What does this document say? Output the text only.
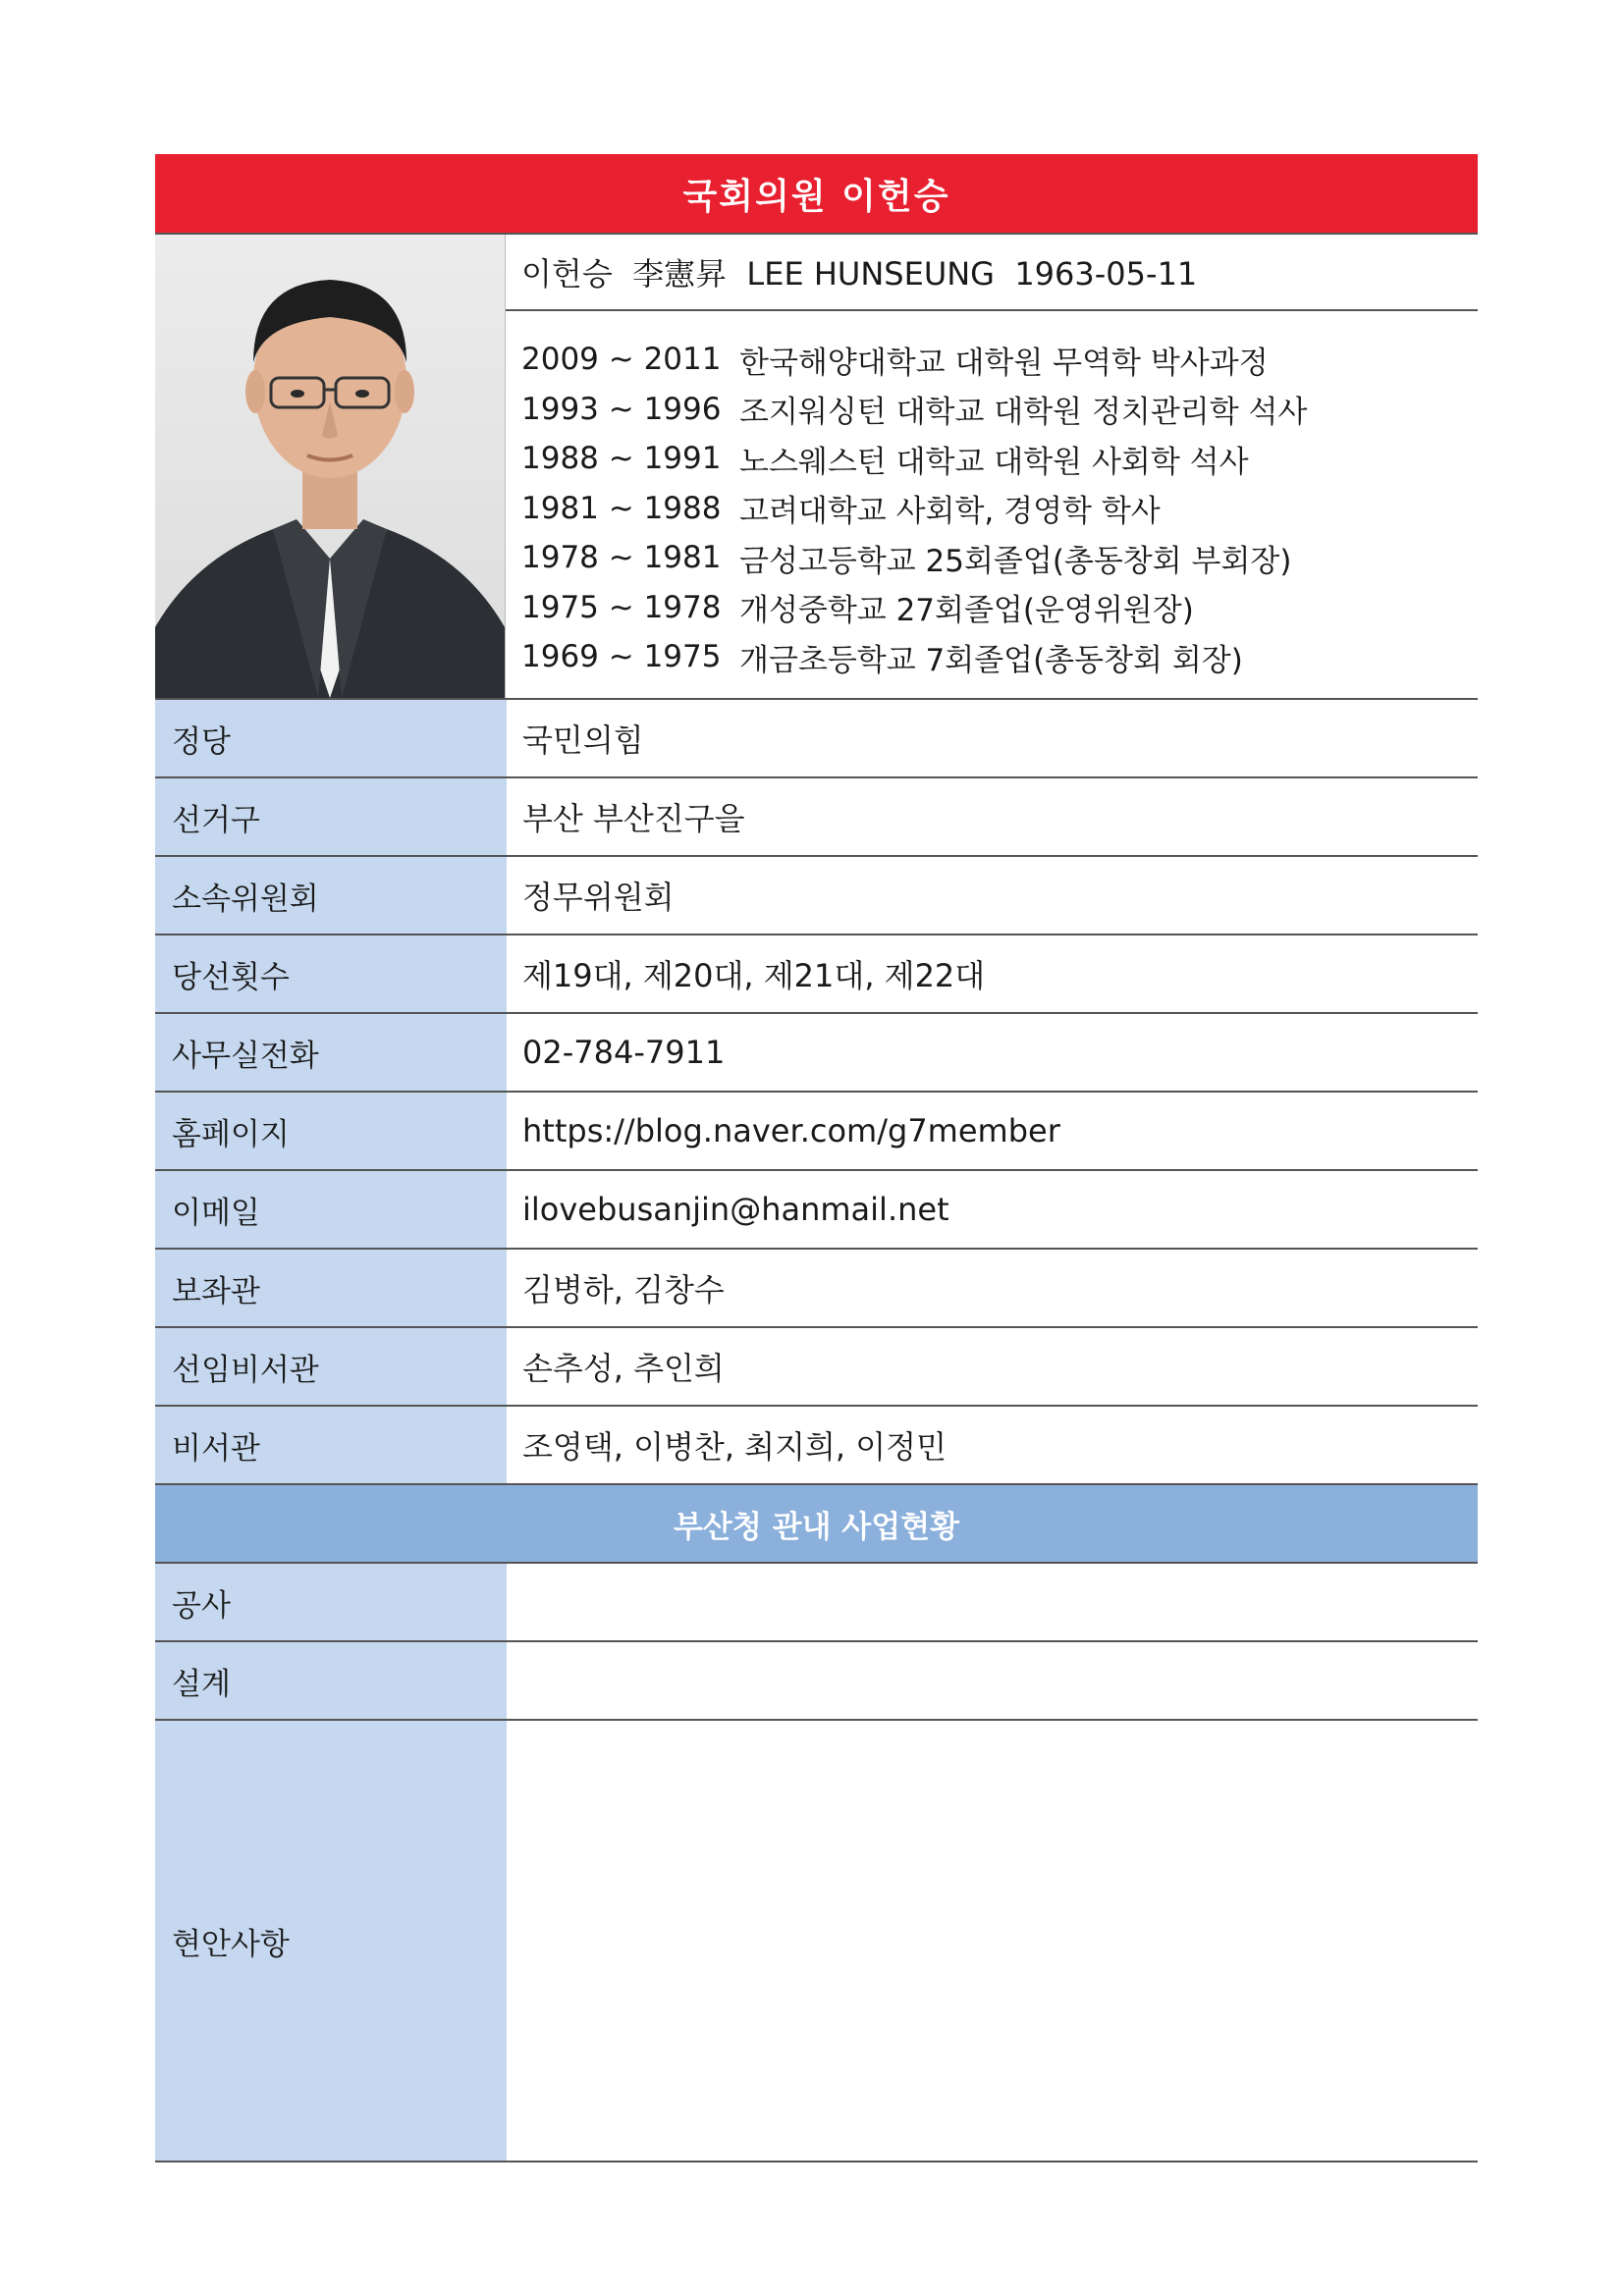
국회의원 이헌승
이헌승  李憲昇  LEE HUNSEUNG  1963-05-11
2009 ~ 2011 한국해양대학교 대학원 무역학 박사과정
1993 ~ 1996 조지워싱턴 대학교 대학원 정치관리학 석사
1988 ~ 1991 노스웨스턴 대학교 대학원 사회학 석사
1981 ~ 1988 고려대학교 사회학, 경영학 학사
1978 ~ 1981 금성고등학교 25회졸업(총동창회 부회장)
1975 ~ 1978 개성중학교 27회졸업(운영위원장)
1969 ~ 1975 개금초등학교 7회졸업(총동창회 회장)
정당	국민의힘
선거구	부산 부산진구을
소속위원회	정무위원회
당선횟수	제19대, 제20대, 제21대, 제22대
사무실전화	02-784-7911
홈페이지	https://blog.naver.com/g7member
이메일	ilovebusanjin@hanmail.net
보좌관	김병하, 김창수
선임비서관	손추성, 추인희
비서관	조영택, 이병찬, 최지희, 이정민
부산청 관내 사업현황
공사
설계
현안사항
